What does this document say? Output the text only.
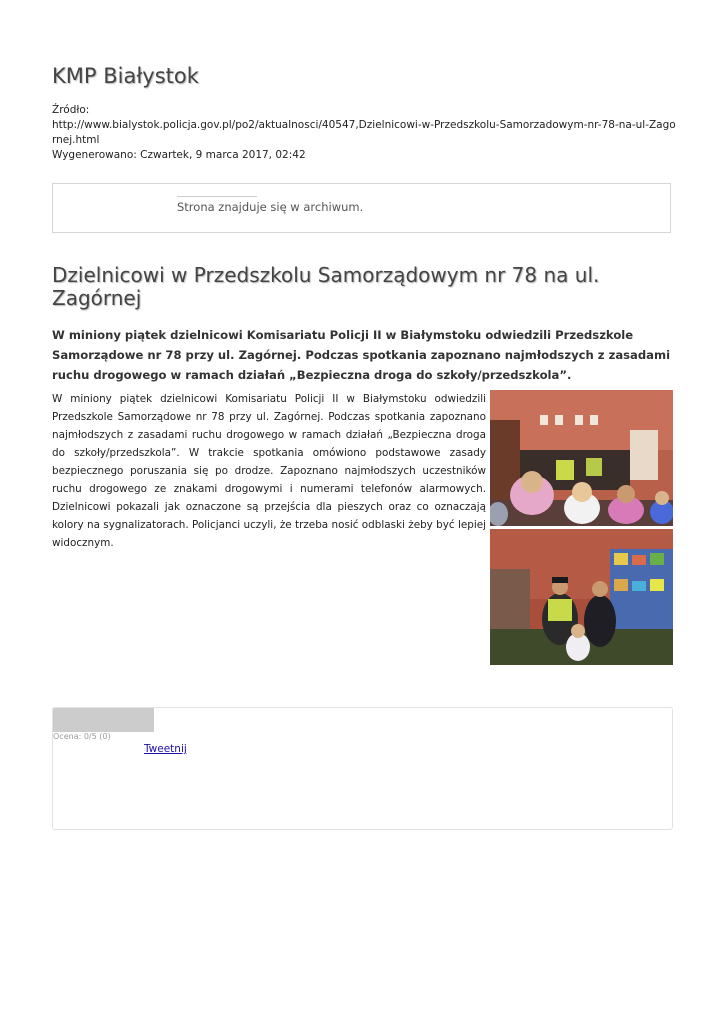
KMP Białystok
Źródło:
http://www.bialystok.policja.gov.pl/po2/aktualnosci/40547,Dzielnicowi-w-Przedszkolu-Samorzadowym-nr-78-na-ul-Zagornej.html
Wygenerowano: Czwartek, 9 marca 2017, 02:42
Strona znajduje się w archiwum.
Dzielnicowi w Przedszkolu Samorządowym nr 78 na ul. Zagórnej

W miniony piątek dzielnicowi Komisariatu Policji II w Białymstoku odwiedzili Przedszkole Samorządowe nr 78 przy ul. Zagórnej. Podczas spotkania zapoznano najmłodszych z zasadami ruchu drogowego w ramach działań „Bezpieczna droga do szkoły/przedszkola”.

W miniony piątek dzielnicowi Komisariatu Policji II w Białymstoku odwiedzili Przedszkole Samorządowe nr 78 przy ul. Zagórnej. Podczas spotkania zapoznano najmłodszych z zasadami ruchu drogowego w ramach działań „Bezpieczna droga do szkoły/przedszkola”. W trakcie spotkania omówiono podstawowe zasady bezpiecznego poruszania się po drodze. Zapoznano najmłodszych uczestników ruchu drogowego ze znakami drogowymi i numerami telefonów alarmowych. Dzielnicowi pokazali jak oznaczone są przejścia dla pieszych oraz co oznaczają kolory na sygnalizatorach. Policjanci uczyli, że trzeba nosić odblaski żeby być lepiej widocznym.

Ocena: 0/5 (0)
Tweetnij
